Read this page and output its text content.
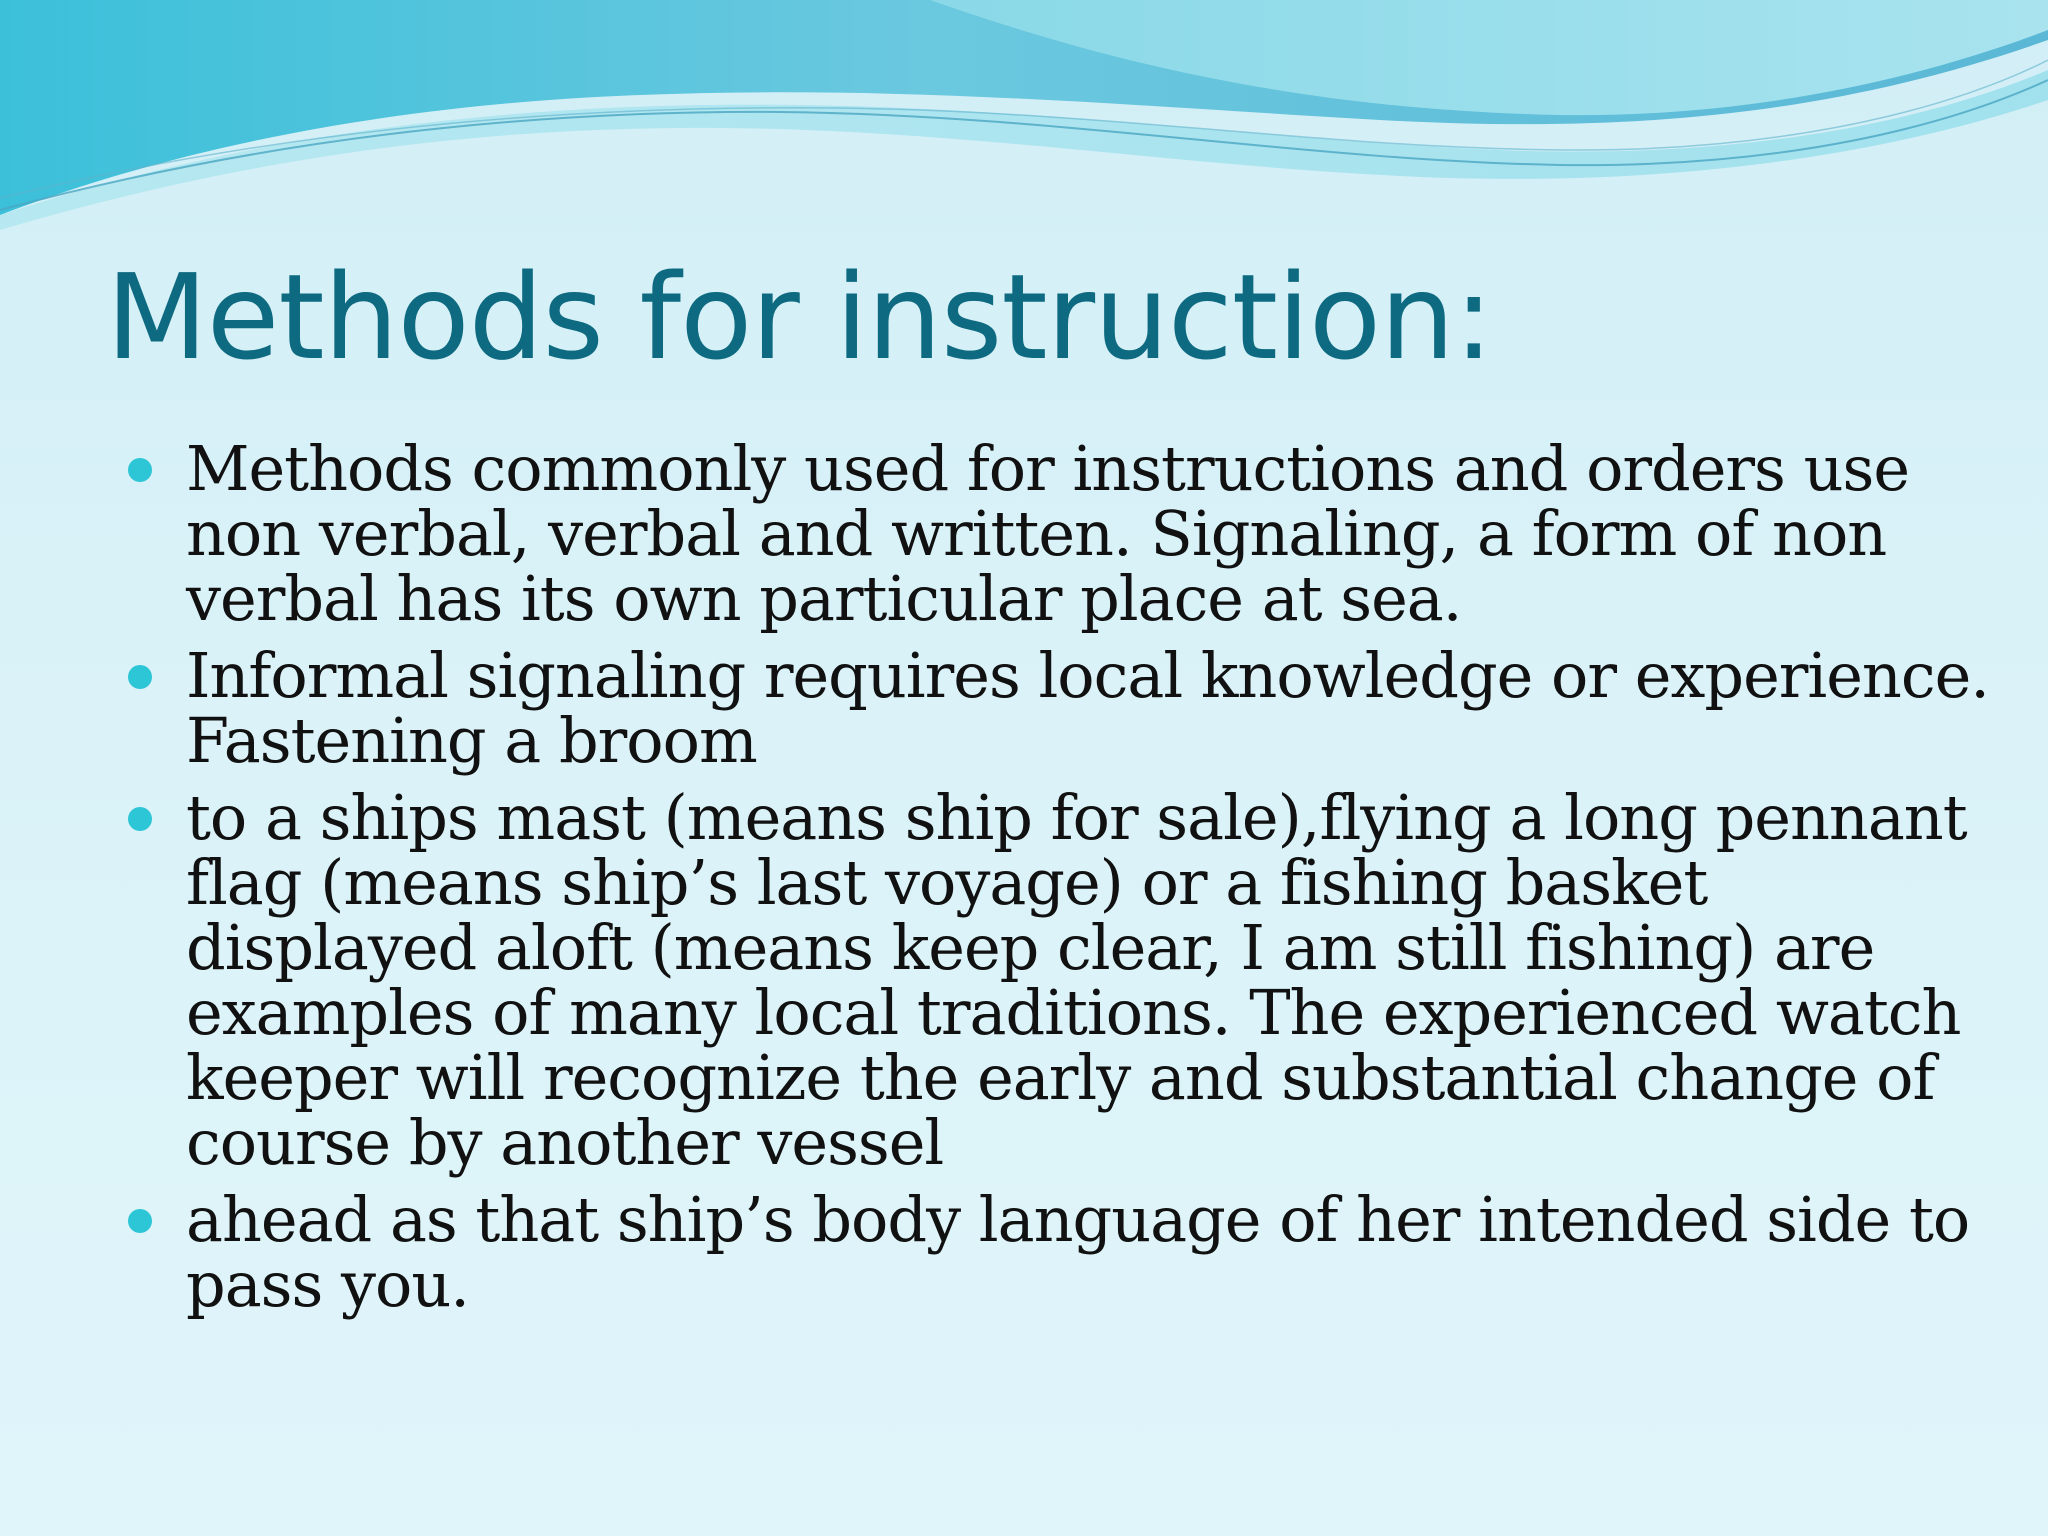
Methods for instruction:
Methods commonly used for instructions and orders use non verbal, verbal and written. Signaling, a form of non verbal has its own particular place at sea.
Informal signaling requires local knowledge or experience. Fastening a broom
to a ships mast (means ship for sale),flying a long pennant flag (means ship’s last voyage) or a fishing basket displayed aloft (means keep clear, I am still fishing) are examples of many local traditions. The experienced watch keeper will recognize the early and substantial change of course by another vessel
ahead as that ship’s body language of her intended side to pass you.
